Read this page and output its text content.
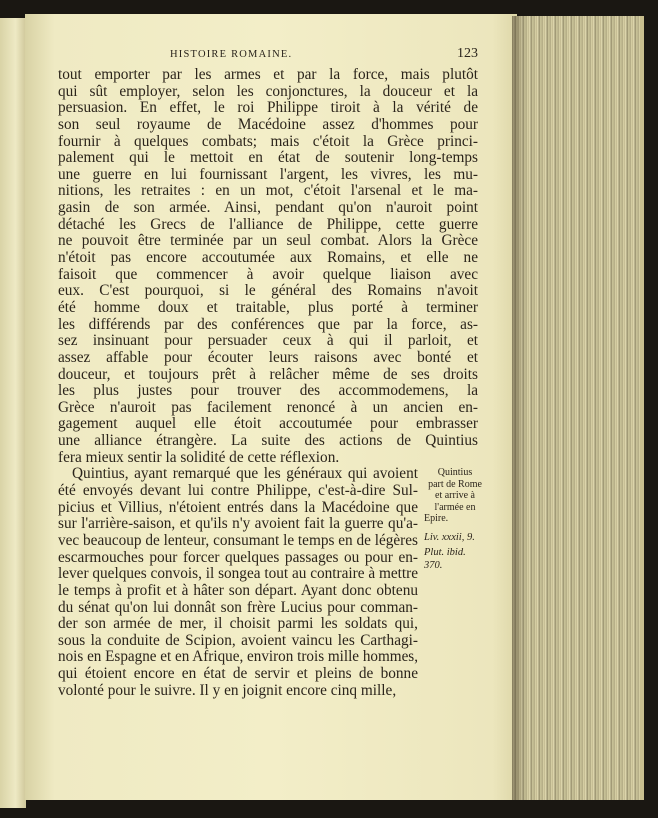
HISTOIRE ROMAINE.	123
tout emporter par les armes et par la force, mais plutôt
qui sût employer, selon les conjonctures, la douceur et la
persuasion. En effet, le roi Philippe tiroit à la vérité de
son seul royaume de Macédoine assez d'hommes pour
fournir à quelques combats; mais c'étoit la Grèce princi-
palement qui le mettoit en état de soutenir long-temps
une guerre en lui fournissant l'argent, les vivres, les mu-
nitions, les retraites : en un mot, c'étoit l'arsenal et le ma-
gasin de son armée. Ainsi, pendant qu'on n'auroit point
détaché les Grecs de l'alliance de Philippe, cette guerre
ne pouvoit être terminée par un seul combat. Alors la Grèce
n'étoit pas encore accoutumée aux Romains, et elle ne
faisoit que commencer à avoir quelque liaison avec
eux. C'est pourquoi, si le général des Romains n'avoit
été homme doux et traitable, plus porté à terminer
les différends par des conférences que par la force, as-
sez insinuant pour persuader ceux à qui il parloit, et
assez affable pour écouter leurs raisons avec bonté et
douceur, et toujours prêt à relâcher même de ses droits
les plus justes pour trouver des accommodemens, la
Grèce n'auroit pas facilement renoncé à un ancien en-
gagement auquel elle étoit accoutumée pour embrasser
une alliance étrangère. La suite des actions de Quintius
fera mieux sentir la solidité de cette réflexion.
Quintius, ayant remarqué que les généraux qui avoient
été envoyés devant lui contre Philippe, c'est-à-dire Sul-
picius et Villius, n'étoient entrés dans la Macédoine que
sur l'arrière-saison, et qu'ils n'y avoient fait la guerre qu'a-
vec beaucoup de lenteur, consumant le temps en de légères
escarmouches pour forcer quelques passages ou pour en-
lever quelques convois, il songea tout au contraire à mettre
le temps à profit et à hâter son départ. Ayant donc obtenu
du sénat qu'on lui donnât son frère Lucius pour comman-
der son armée de mer, il choisit parmi les soldats qui,
sous la conduite de Scipion, avoient vaincu les Carthagi-
nois en Espagne et en Afrique, environ trois mille hommes,
qui étoient encore en état de servir et pleins de bonne
volonté pour le suivre. Il y en joignit encore cinq mille,
Quintius
part de Rome
et arrive à
l'armée en
Epire.
Liv. xxxii, 9.
Plut. ibid. 370.
